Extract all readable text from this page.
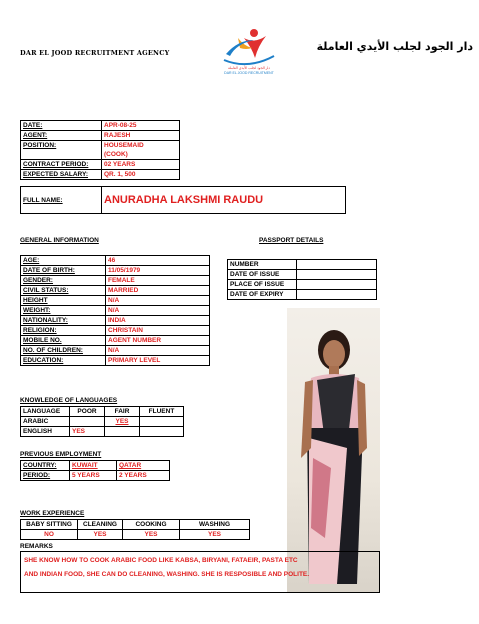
DAR EL JOOD RECRUITMENT AGENCY
دار الجود لجلب الأيدي العاملة
DAR EL JOOD RECRUITMENT
دار الجود لجلب الأيدي العاملة
DATE:	APR-08-25
AGENT:	RAJESH
POSITION:	HOUSEMAID
(COOK)

CONTRACT PERIOD:	02 YEARS
EXPECTED SALARY:	QR. 1, 500
FULL NAME:	ANURADHA LAKSHMI RAUDU
GENERAL INFORMATION
AGE:	46
DATE OF BIRTH:	11/05/1979
GENDER:	FEMALE
CIVIL STATUS:	MARRIED
HEIGHT	N/A
WEIGHT:	N/A
NATIONALITY:	INDIA
RELIGION:	CHRISTAIN
MOBILE NO.	AGENT NUMBER
NO. OF CHILDREN:	N/A
EDUCATION:	PRIMARY LEVEL
PASSPORT DETAILS
NUMBER	
DATE OF ISSUE	
PLACE OF ISSUE	
DATE OF EXPIRY	
KNOWLEDGE OF LANGUAGES
LANGUAGE	POOR	FAIR	FLUENT
ARABIC		YES	
ENGLISH	YES		
PREVIOUS EMPLOYMENT
COUNTRY:	KUWAIT	QATAR
PERIOD:	5 YEARS	2 YEARS
WORK EXPERIENCE
BABY SITTING	CLEANING	COOKING	WASHING
NO	YES	YES	YES
REMARKS
SHE KNOW HOW TO COOK ARABIC FOOD LIKE KABSA, BIRYANI, FATAEIR, PASTA ETC
AND INDIAN FOOD, SHE CAN DO CLEANING, WASHING. SHE IS RESPOSIBLE AND POLITE.
